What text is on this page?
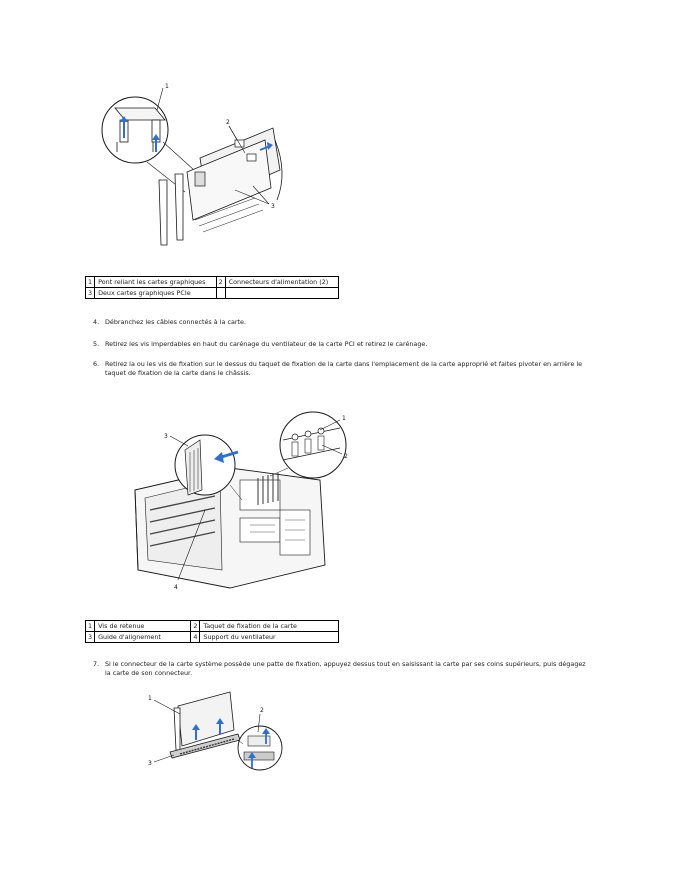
1
2
3
1	Pont reliant les cartes graphiques	2	Connecteurs d'alimentation (2)
3	Deux cartes graphiques PCIe		
4. Débranchez les câbles connectés à la carte.
5. Retirez les vis imperdables en haut du carénage du ventilateur de la carte PCI et retirez le carénage.
6. Retirez la ou les vis de fixation sur le dessus du taquet de fixation de la carte dans l'emplacement de la carte approprié et faites pivoter en arrière le taquet de fixation de la carte dans le châssis.
1
2
3
4
1	Vis de retenue	2	Taquet de fixation de la carte
3	Guide d'alignement	4	Support du ventilateur
7. Si le connecteur de la carte système possède une patte de fixation, appuyez dessus tout en saisissant la carte par ses coins supérieurs, puis dégagez la carte de son connecteur.
1
2
3
